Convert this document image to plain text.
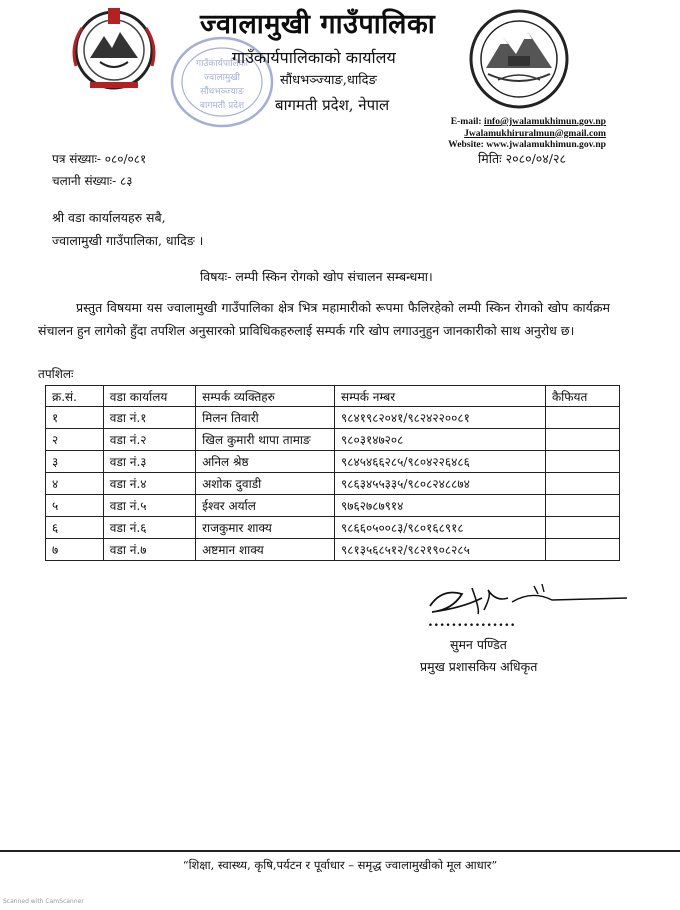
गाउँकार्यपालिका
ज्वालामुखी
सौंधभञ्ज्याङ
बागमती प्रदेश
ज्वालामुखी गाउँपालिका
गाउँकार्यपालिकाको कार्यालय
सौंधभञ्ज्याङ,धादिङ
बागमती प्रदेश, नेपाल
E-mail: info@jwalamukhimun.gov.np
Jwalamukhiruralmun@gmail.com
Website: www.jwalamukhimun.gov.np
पत्र संख्याः- ०८०/०८१
चलानी संख्याः- ८३
मितिः २०८०/०४/२८
श्री वडा कार्यालयहरु सबै,
ज्वालामुखी गाउँपालिका, धादिङ ।
विषयः- लम्पी स्किन रोगको खोप संचालन सम्बन्धमा।
प्रस्तुत विषयमा यस ज्वालामुखी गाउँपालिका क्षेत्र भित्र महामारीको रूपमा फैलिरहेको लम्पी स्किन रोगको खोप कार्यक्रम संचालन हुन लागेको हुँदा तपशिल अनुसारको प्राविधिकहरुलाई सम्पर्क गरि खोप लगाउनुहुन जानकारीको साथ अनुरोध छ।
तपशिलः
क्र.सं.	वडा कार्यालय	सम्पर्क व्यक्तिहरु	सम्पर्क नम्बर	कैफियत
१	वडा नं.१	मिलन तिवारी	९८४१९८२०४१/९८२४२२००८१	
२	वडा नं.२	खिल कुमारी थापा तामाङ	९८०३१४७२०८	
३	वडा नं.३	अनिल श्रेष्ठ	९८४५४६६२८५/९८०४२२६४८६	
४	वडा नं.४	अशोक दुवाडी	९८६३४५५३३५/९८०८२४८८७४	
५	वडा नं.५	ईश्वर अर्याल	९७६२७८७९१४	
६	वडा नं.६	राजकुमार शाक्य	९८६६०५००८३/९८०१६८९१८	
७	वडा नं.७	अष्टमान शाक्य	९८१३५६८५१२/९८२१९०८२८५	
...............
सुमन पण्डित
प्रमुख प्रशासकिय अधिकृत
“शिक्षा, स्वास्थ्य, कृषि,पर्यटन र पूर्वाधार – समृद्ध ज्वालामुखीको मूल आधार”
Scanned with CamScanner
